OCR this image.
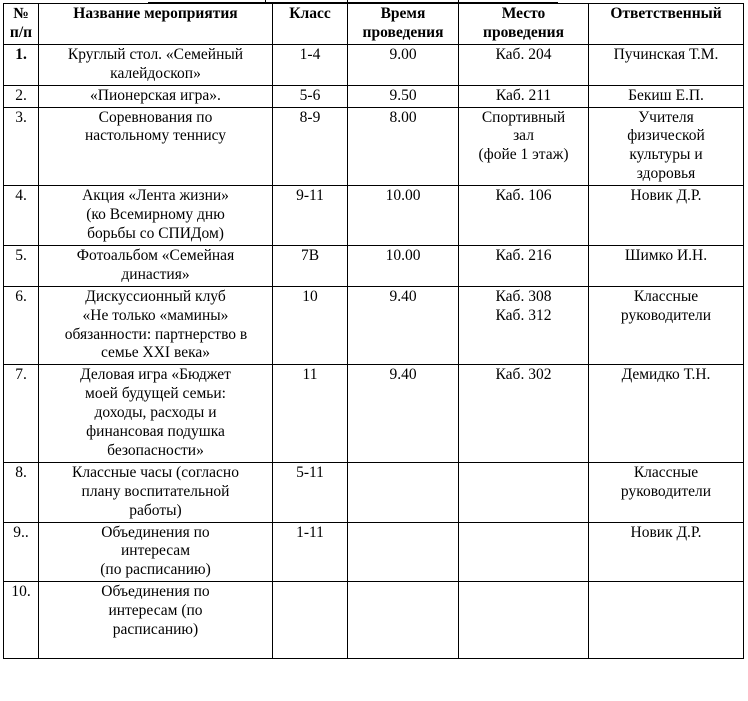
№
п/п	Название мероприятия	Класс	Время
проведения	Место
проведения	Ответственный

1.	Круглый стол. «Семейный
калейдоскоп»	1-4	9.00	Каб. 204	Пучинская Т.М.

2.	«Пионерская игра».	5-6	9.50	Каб. 211	Бекиш Е.П.

3.	Соревнования по
настольному теннису	8-9	8.00	Спортивный
зал
(фойе 1 этаж)	Учителя
физической
культуры и
здоровья

4.	Акция «Лента жизни»
(ко Всемирному дню
борьбы со СПИДом)	9-11	10.00	Каб. 106	Новик Д.Р.

5.	Фотоальбом «Семейная
династия»	7В	10.00	Каб. 216	Шимко И.Н.

6.	Дискуссионный клуб
«Не только «мамины»
обязанности: партнерство в
семье XXI века»	10	9.40	Каб. 308
Каб. 312	Классные
руководители

7.	Деловая игра «Бюджет
моей будущей семьи:
доходы, расходы и
финансовая подушка
безопасности»	11	9.40	Каб. 302	Демидко Т.Н.

8.	Классные часы (согласно
плану воспитательной
работы)	5-11			Классные
руководители

9..	Объединения по
интересам
(по расписанию)	1-11			Новик Д.Р.

10.	Объединения по
интересам (по
расписанию)				
